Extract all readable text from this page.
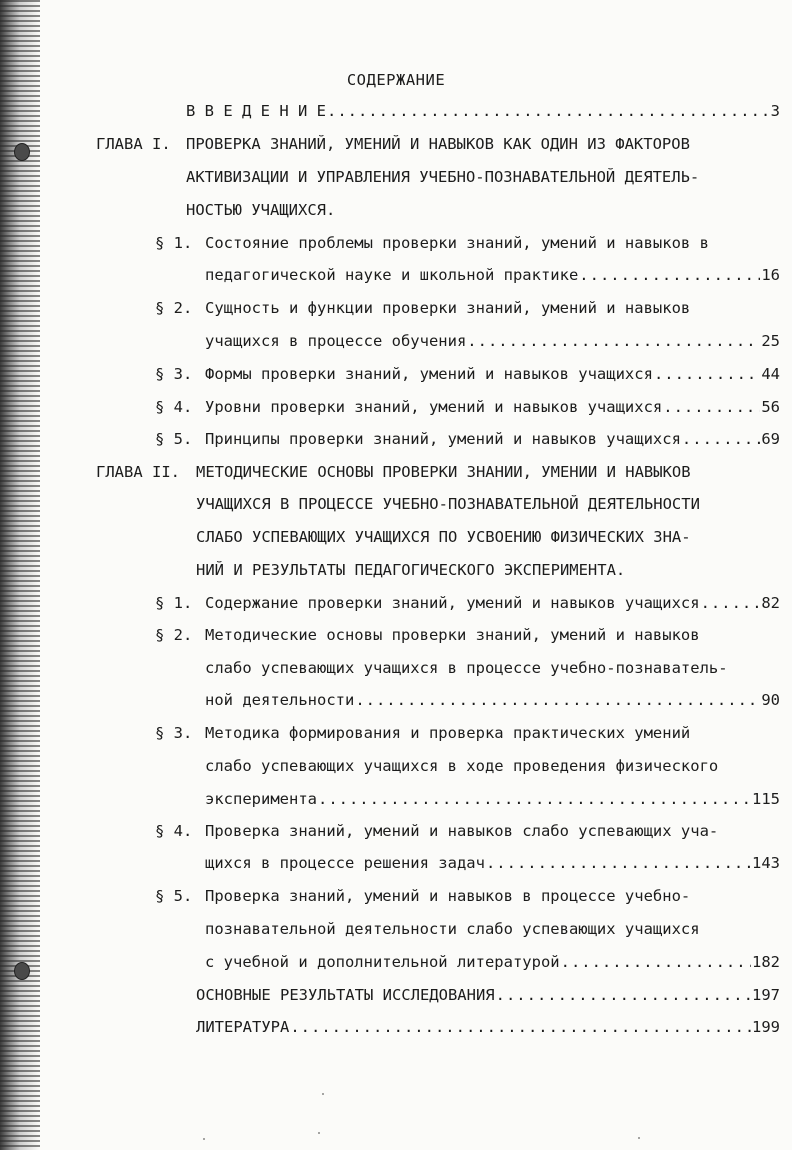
СОДЕРЖАНИЕ
В В Е Д Е Н И Е .....	3
ГЛАВА I. ПРОВЕРКА ЗНАНИЙ, УМЕНИЙ И НАВЫКОВ КАК ОДИН ИЗ ФАКТОРОВ
АКТИВИЗАЦИИ И УПРАВЛЕНИЯ УЧЕБНО-ПОЗНАВАТЕЛЬНОЙ ДЕЯТЕЛЬ-
НОСТЬЮ УЧАЩИХСЯ.
§ 1. Состояние проблемы проверки знаний, умений и навыков в
педагогической науке и школьной практике .....	16
§ 2. Сущность и функции проверки знаний, умений и навыков
учащихся в процессе обучения .....	25
§ 3. Формы проверки знаний, умений и навыков учащихся .....	44
§ 4. Уровни проверки знаний, умений и навыков учащихся .....	56
§ 5. Принципы проверки знаний, умений и навыков учащихся .....	69
ГЛАВА II. МЕТОДИЧЕСКИЕ ОСНОВЫ ПРОВЕРКИ ЗНАНИИ, УМЕНИИ И НАВЫКОВ
УЧАЩИХСЯ В ПРОЦЕССЕ УЧЕБНО-ПОЗНАВАТЕЛЬНОЙ ДЕЯТЕЛЬНОСТИ
СЛАБО УСПЕВАЮЩИХ УЧАЩИХСЯ ПО УСВОЕНИЮ ФИЗИЧЕСКИХ ЗНА-
НИЙ И РЕЗУЛЬТАТЫ ПЕДАГОГИЧЕСКОГО ЭКСПЕРИМЕНТА.
§ 1. Содержание проверки знаний, умений и навыков учащихся .....	82
§ 2. Методические основы проверки знаний, умений и навыков
слабо успевающих учащихся в процессе учебно-познаватель-
ной деятельности .....	90
§ 3. Методика формирования и проверка практических умений
слабо успевающих учащихся в ходе проведения физического
эксперимента .....	115
§ 4. Проверка знаний, умений и навыков слабо успевающих уча-
щихся в процессе решения задач .....	143
§ 5. Проверка знаний, умений и навыков в процессе учебно-
познавательной деятельности слабо успевающих учащихся
с учебной и дополнительной литературой .....	182
ОСНОВНЫЕ РЕЗУЛЬТАТЫ ИССЛЕДОВАНИЯ .....	197
ЛИТЕРАТУРА .....	199
